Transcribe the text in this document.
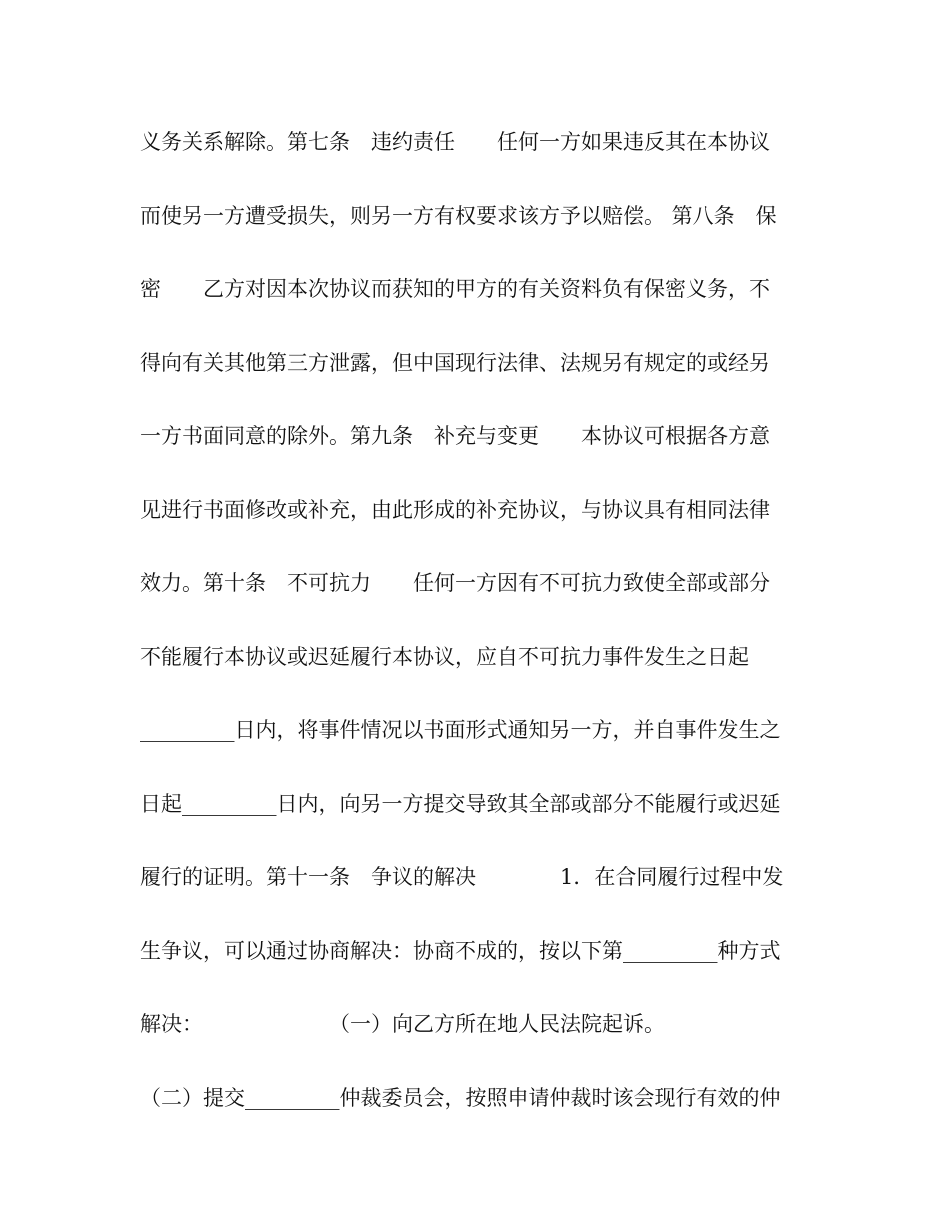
义务关系解除。第七条　违约责任　　任何一方如果违反其在本协议
而使另一方遭受损失，则另一方有权要求该方予以赔偿。 第八条　保
密　　乙方对因本次协议而获知的甲方的有关资料负有保密义务，不
得向有关其他第三方泄露，但中国现行法律、法规另有规定的或经另
一方书面同意的除外。第九条　补充与变更　　本协议可根据各方意
见进行书面修改或补充，由此形成的补充协议，与协议具有相同法律
效力。第十条　不可抗力　　任何一方因有不可抗力致使全部或部分
不能履行本协议或迟延履行本协议，应自不可抗力事件发生之日起
_________日内，将事件情况以书面形式通知另一方，并自事件发生之
日起_________日内，向另一方提交导致其全部或部分不能履行或迟延
履行的证明。第十一条　争议的解决　　　　1．在合同履行过程中发
生争议，可以通过协商解决：协商不成的，按以下第_________种方式
解决：　　　　　　　（一）向乙方所在地人民法院起诉。
（二）提交_________仲裁委员会，按照申请仲裁时该会现行有效的仲
